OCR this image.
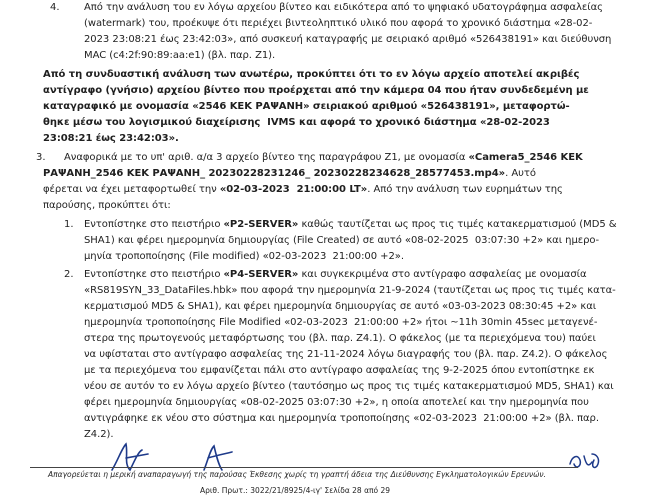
4. Από την ανάλυση του εν λόγω αρχείου βίντεο και ειδικότερα από το ψηφιακό υδατογράφημα ασφαλείας
(watermark) του, προέκυψε ότι περιέχει βιντεοληπτικό υλικό που αφορά το χρονικό διάστημα «28-02-
2023 23:08:21 έως 23:42:03», από συσκευή καταγραφής με σειριακό αριθμό «526438191» και διεύθυνση
MAC (c4:2f:90:89:aa:e1) (βλ. παρ. Ζ1).
Από τη συνδυαστική ανάλυση των ανωτέρω, προκύπτει ότι το εν λόγω αρχείο αποτελεί ακριβές
αντίγραφο (γνήσιο) αρχείου βίντεο που προέρχεται από την κάμερα 04 που ήταν συνδεδεμένη με
καταγραφικό με ονομασία «2546 ΚΕΚ ΡΑΨΑΝΗ» σειριακού αριθμού «526438191», μεταφορτώ-
θηκε μέσω του λογισμικού διαχείρισης  IVMS και αφορά το χρονικό διάστημα «28-02-2023
23:08:21 έως 23:42:03».
3. Αναφορικά με το υπ' αριθ. α/α 3 αρχείο βίντεο της παραγράφου Ζ1, με ονομασία «Camera5_2546 ΚΕΚ
ΡΑΨΑΝΗ_2546 ΚΕΚ ΡΑΨΑΝΗ_ 20230228231246_ 20230228234628_28577453.mp4». Αυτό
φέρεται να έχει μεταφορτωθεί την «02-03-2023  21:00:00 LT». Από την ανάλυση των ευρημάτων της
παρούσης, προκύπτει ότι:
1. Εντοπίστηκε στο πειστήριο «P2-SERVER» καθώς ταυτίζεται ως προς τις τιμές κατακερματισμού (MD5 &
SHA1) και φέρει ημερομηνία δημιουργίας (File Created) σε αυτό «08-02-2025  03:07:30 +2» και ημερο-
μηνία τροποποίησης (File modified) «02-03-2023  21:00:00 +2».
2. Εντοπίστηκε στο πειστήριο «P4-SERVER» και συγκεκριμένα στο αντίγραφο ασφαλείας με ονομασία
«RS819SYN_33_DataFiles.hbk» που αφορά την ημερομηνία 21-9-2024 (ταυτίζεται ως προς τις τιμές κατα-
κερματισμού MD5 & SHA1), και φέρει ημερομηνία δημιουργίας σε αυτό «03-03-2023 08:30:45 +2» και
ημερομηνία τροποποίησης File Modified «02-03-2023  21:00:00 +2» ήτοι ~11h 30min 45sec μεταγενέ-
στερα της πρωτογενούς μεταφόρτωσης του (βλ. παρ. Ζ4.1). Ο φάκελος (με τα περιεχόμενα του) παύει
να υφίσταται στο αντίγραφο ασφαλείας της 21-11-2024 λόγω διαγραφής του (βλ. παρ. Ζ4.2). Ο φάκελος
με τα περιεχόμενα του εμφανίζεται πάλι στο αντίγραφο ασφαλείας της 9-2-2025 όπου εντοπίστηκε εκ
νέου σε αυτόν το εν λόγω αρχείο βίντεο (ταυτόσημο ως προς τις τιμές κατακερματισμού MD5, SHA1) και
φέρει ημερομηνία δημιουργίας «08-02-2025 03:07:30 +2», η οποία αποτελεί και την ημερομηνία που
αντιγράφηκε εκ νέου στο σύστημα και ημερομηνία τροποποίησης «02-03-2023  21:00:00 +2» (βλ. παρ.
Ζ4.2).
Απαγορεύεται η μερική αναπαραγωγή της παρούσας Έκθεσης χωρίς τη γραπτή άδεια της Διεύθυνσης Εγκληματολογικών Ερευνών.
Αριθ. Πρωτ.: 3022/21/8925/4-ιγ' Σελίδα 28 από 29
